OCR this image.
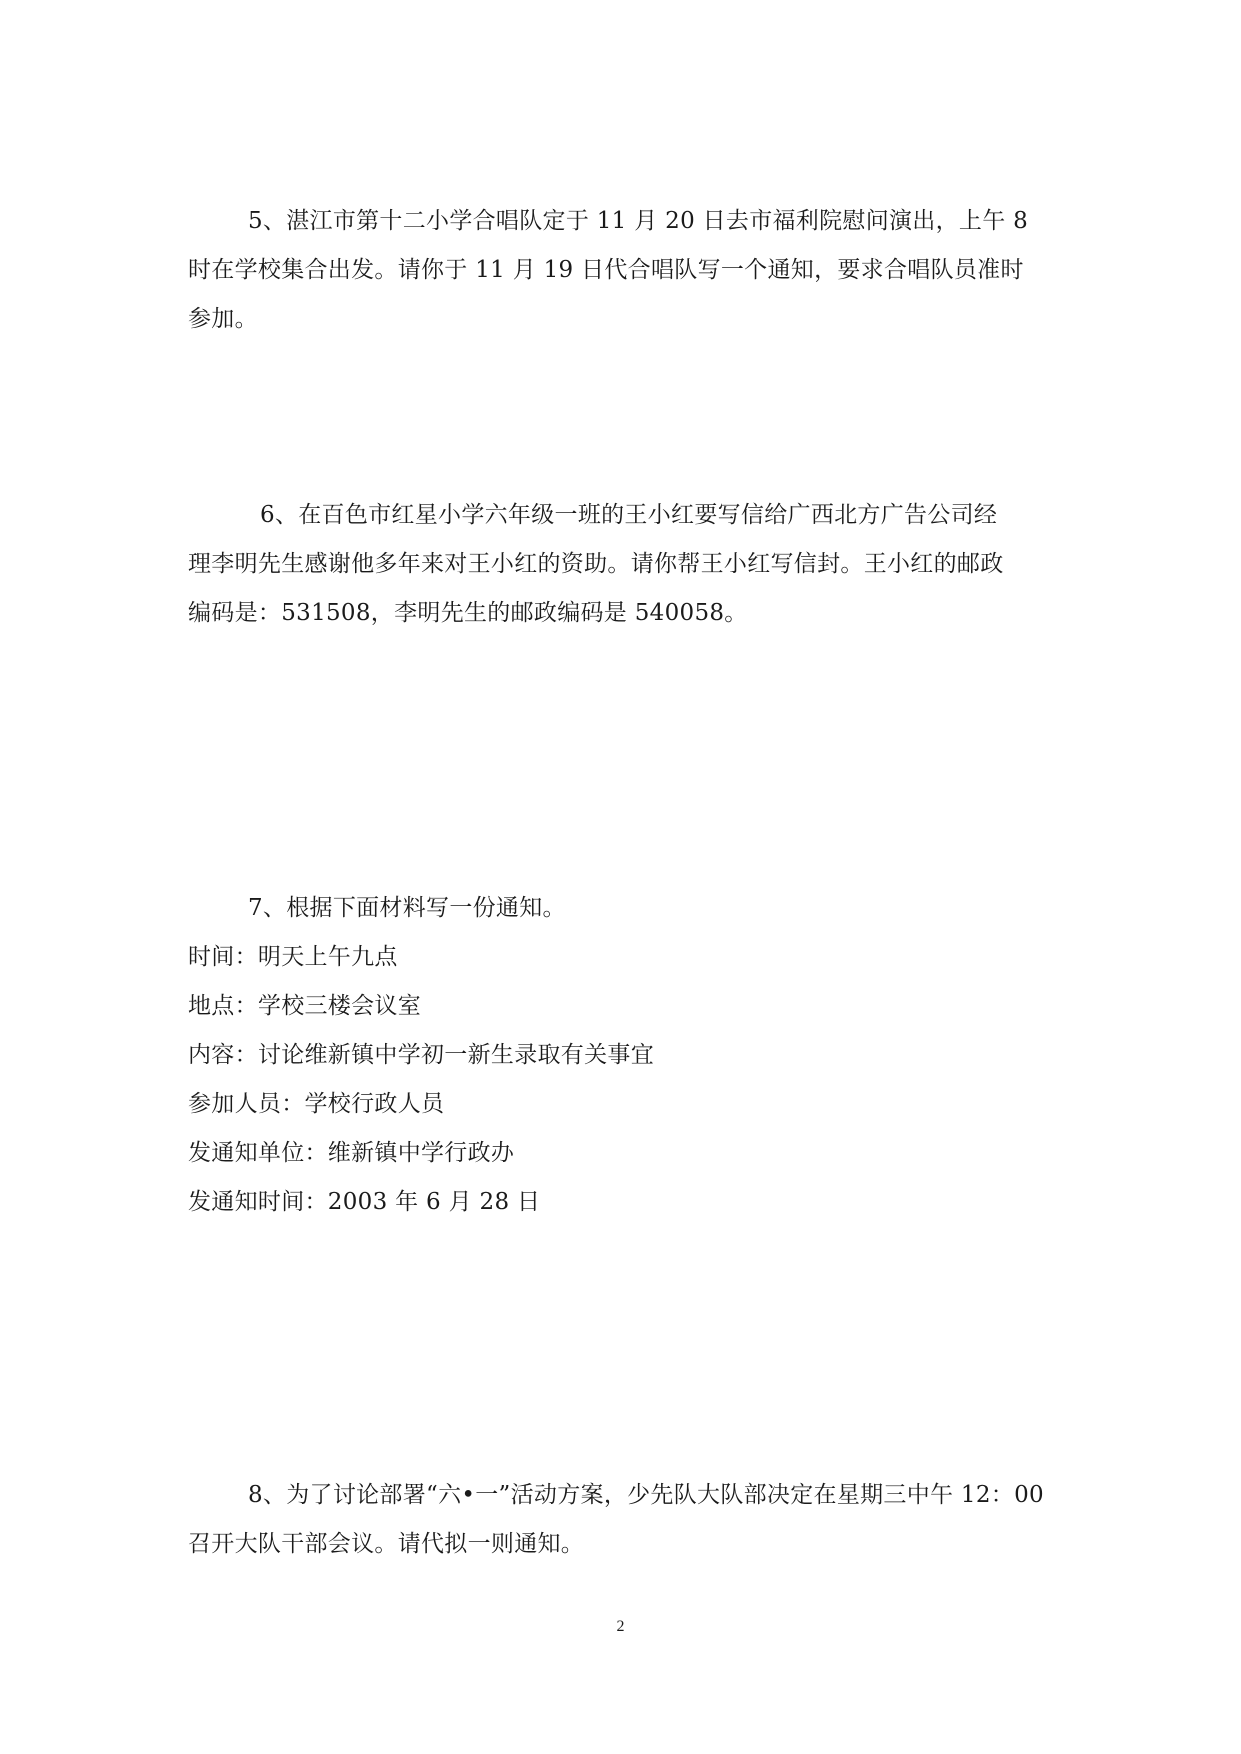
5、湛江市第十二小学合唱队定于 11 月 20 日去市福利院慰问演出，上午 8
时在学校集合出发。请你于 11 月 19 日代合唱队写一个通知，要求合唱队员准时
参加。
6、在百色市红星小学六年级一班的王小红要写信给广西北方广告公司经
理李明先生感谢他多年来对王小红的资助。请你帮王小红写信封。王小红的邮政
编码是：531508，李明先生的邮政编码是 540058。
7、根据下面材料写一份通知。
时间：明天上午九点
地点：学校三楼会议室
内容：讨论维新镇中学初一新生录取有关事宜
参加人员：学校行政人员
发通知单位：维新镇中学行政办
发通知时间：2003 年 6 月 28 日
8、为了讨论部署“六•一”活动方案，少先队大队部决定在星期三中午 12：00
召开大队干部会议。请代拟一则通知。
2
